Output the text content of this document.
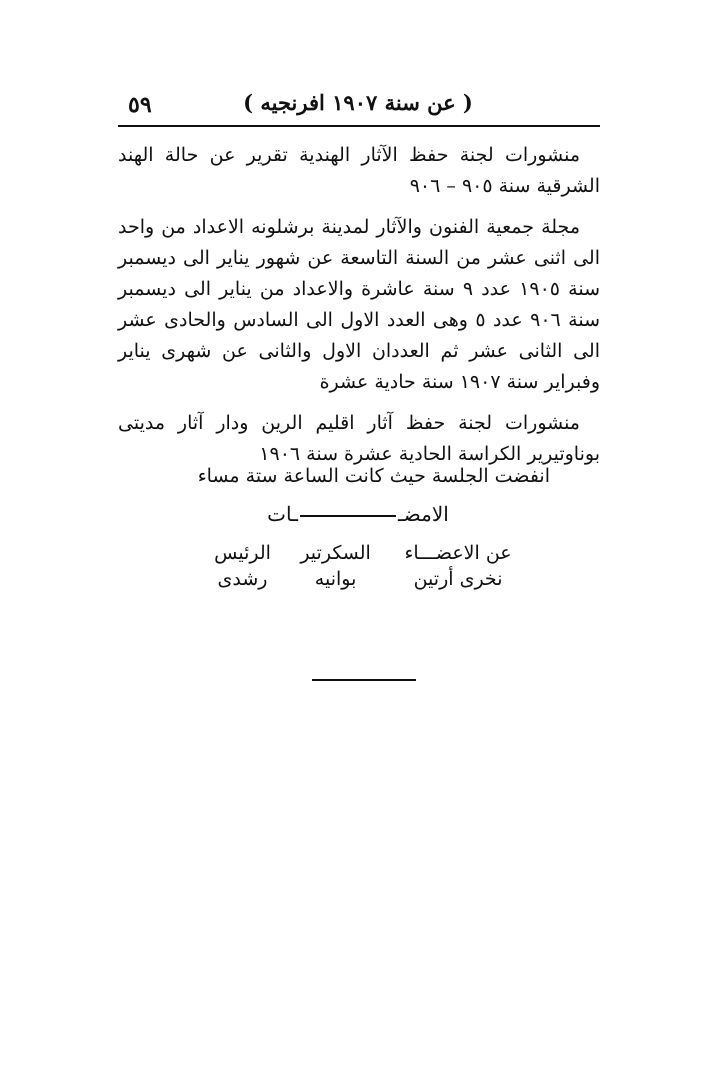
٥٩	( عن سنة ١٩٠٧ افرنجيه )

منشورات لجنة حفظ الآثار الهندية تقرير عن حالة الهند الشرقية سنة ٩٠٥ – ٩٠٦

مجلة جمعية الفنون والآثار لمدينة برشلونه الاعداد من واحد الى اثنى عشر من السنة التاسعة عن شهور يناير الى ديسمبر سنة ١٩٠٥ عدد ٩ سنة عاشرة والاعداد من يناير الى ديسمبر سنة ٩٠٦ عدد ٥ وهى العدد الاول الى السادس والحادى عشر الى الثانى عشر ثم العددان الاول والثانى عن شهرى يناير وفبراير سنة ١٩٠٧ سنة حادية عشرة

منشورات لجنة حفظ آثار اقليم الرين ودار آثار مديتى بوناوتيرير الكراسة الحادية عشرة سنة ١٩٠٦

انفضت الجلسة حيث كانت الساعة ستة مساء
الامضــات
عن الاعضـــاء	السكرتير	الرئيس
نخرى أرتين	بوانيه	رشدى
